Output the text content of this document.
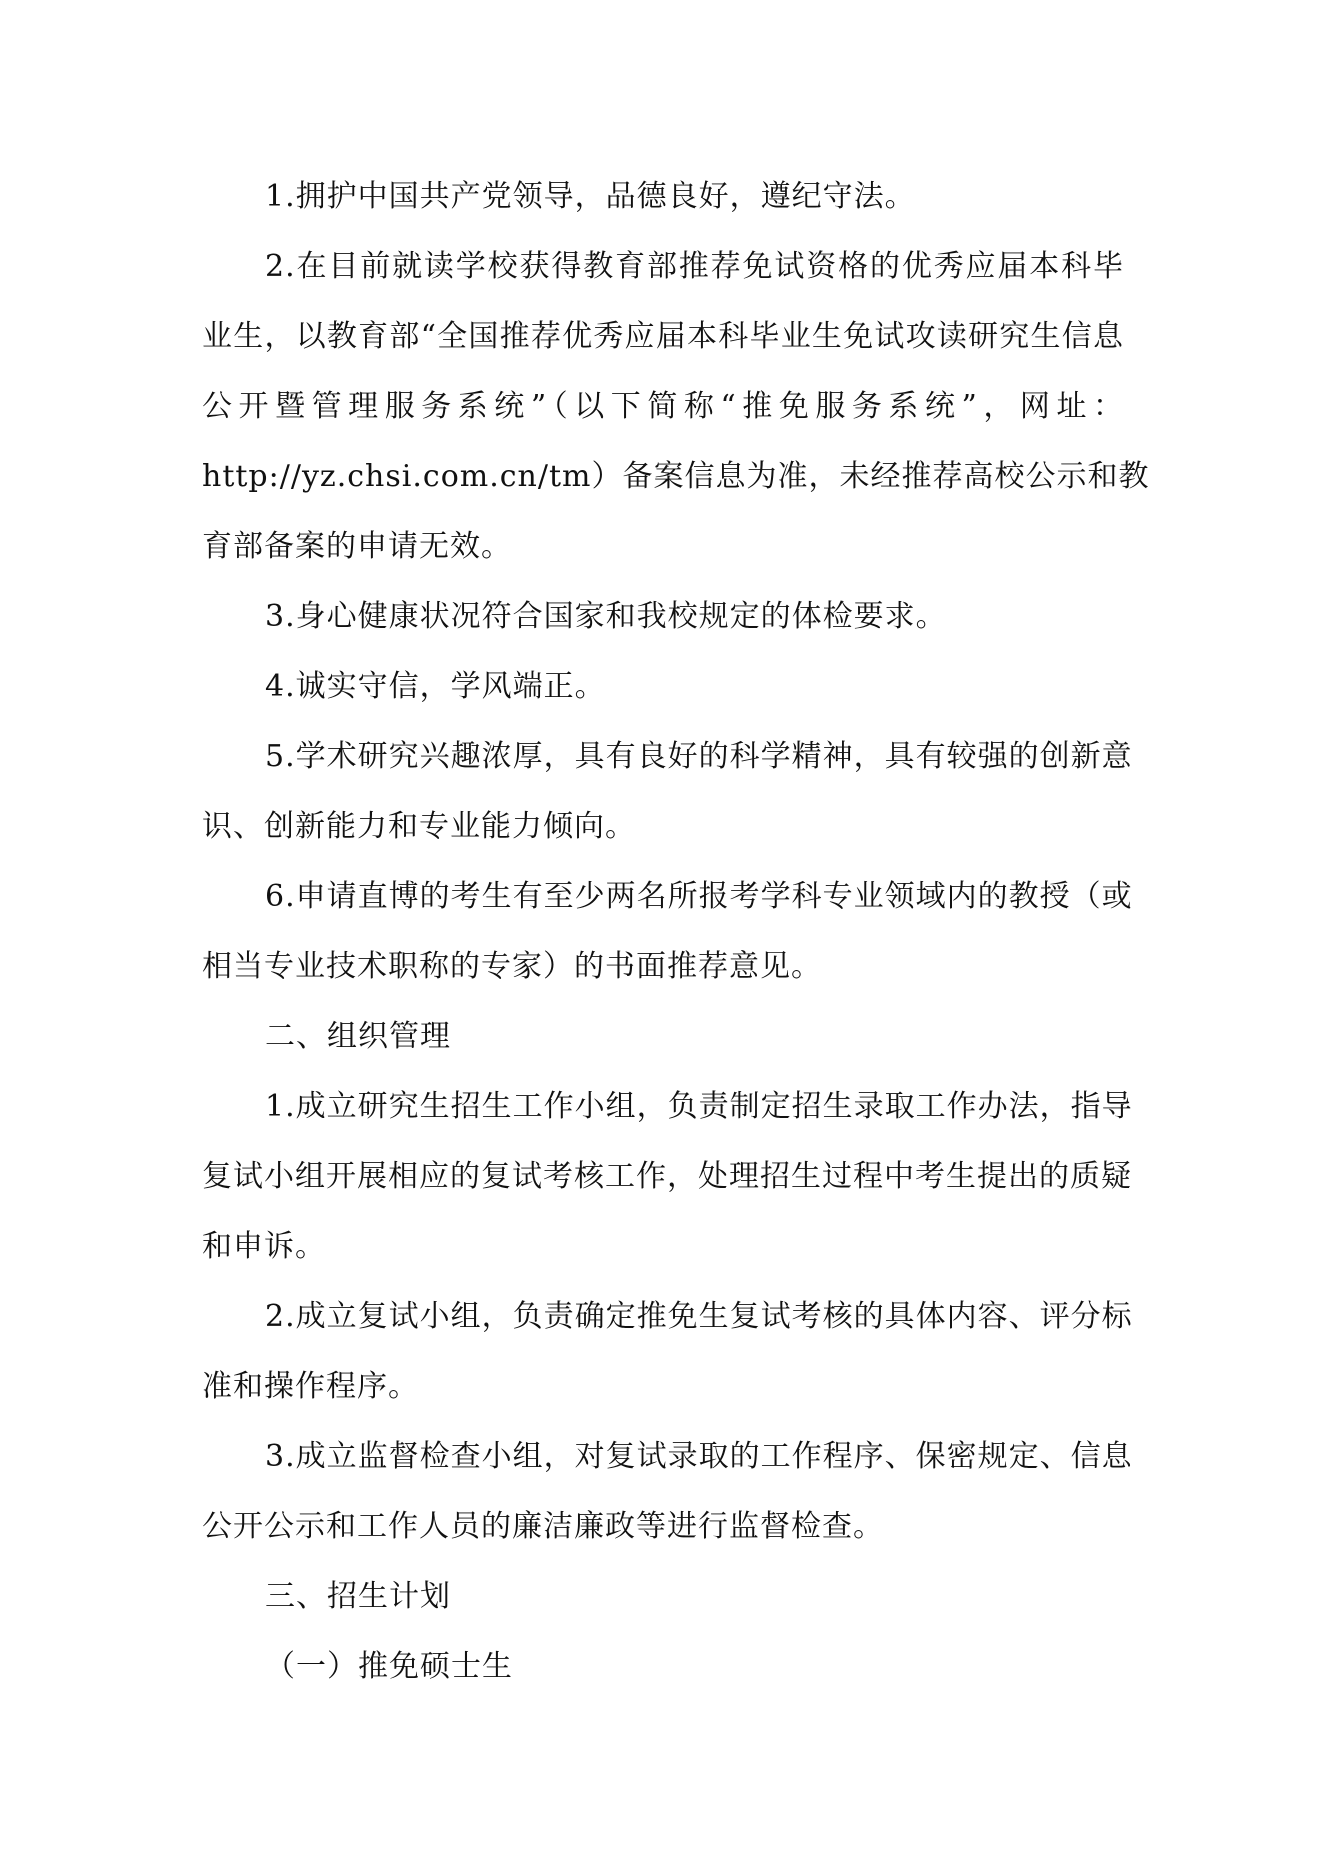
1.拥护中国共产党领导，品德良好，遵纪守法。
2.在目前就读学校获得教育部推荐免试资格的优秀应届本科毕
业生，以教育部“全国推荐优秀应届本科毕业生免试攻读研究生信息
公开暨管理服务系统”（以下简称“推免服务系统”，网址：
http://yz.chsi.com.cn/tm）备案信息为准，未经推荐高校公示和教
育部备案的申请无效。
3.身心健康状况符合国家和我校规定的体检要求。
4.诚实守信，学风端正。
5.学术研究兴趣浓厚，具有良好的科学精神，具有较强的创新意
识、创新能力和专业能力倾向。
6.申请直博的考生有至少两名所报考学科专业领域内的教授（或
相当专业技术职称的专家）的书面推荐意见。
二、组织管理
1.成立研究生招生工作小组，负责制定招生录取工作办法，指导
复试小组开展相应的复试考核工作，处理招生过程中考生提出的质疑
和申诉。
2.成立复试小组，负责确定推免生复试考核的具体内容、评分标
准和操作程序。
3.成立监督检查小组，对复试录取的工作程序、保密规定、信息
公开公示和工作人员的廉洁廉政等进行监督检查。
三、招生计划
（一）推免硕士生
